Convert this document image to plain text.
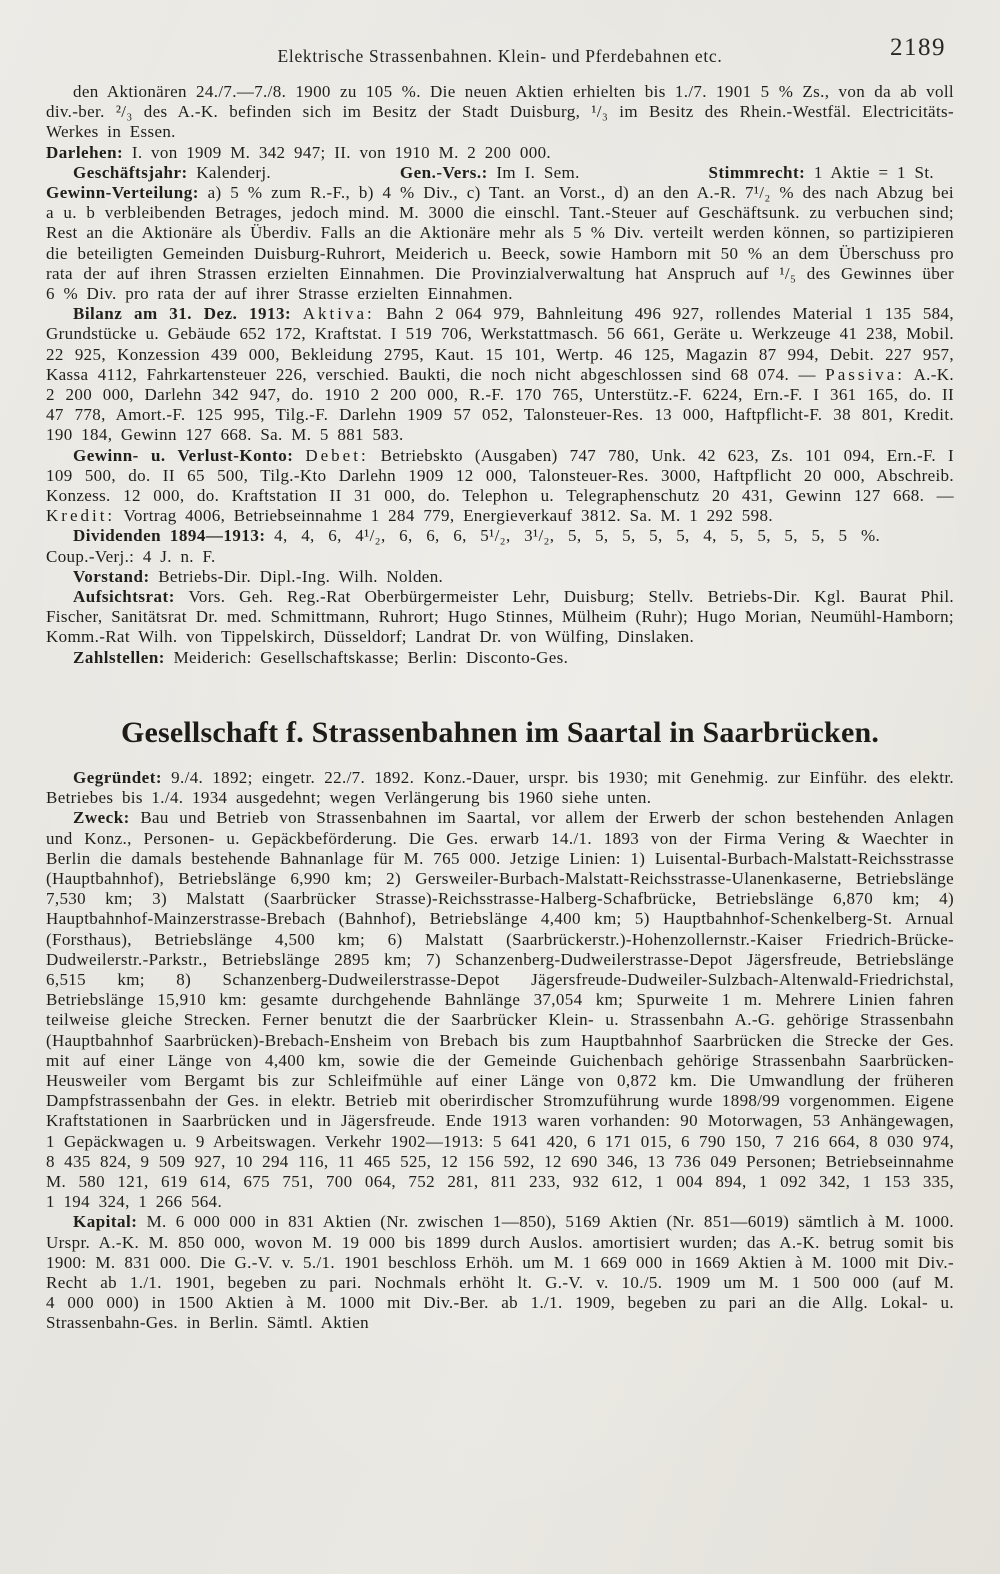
Elektrische Strassenbahnen. Klein- und Pferdebahnen etc.	2189

den Aktionären 24./7.—7./8. 1900 zu 105 %. Die neuen Aktien erhielten bis 1./7. 1901 5 % Zs., von da ab voll div.-ber. ²/₃ des A.-K. befinden sich im Besitz der Stadt Duisburg, ¹/₃ im Besitz des Rhein.-Westfäl. Electricitäts-Werkes in Essen.

Darlehen: I. von 1909 M. 342 947; II. von 1910 M. 2 200 000.

Geschäftsjahr: Kalenderj.	Gen.-Vers.: Im I. Sem.	Stimmrecht: 1 Aktie = 1 St.

Gewinn-Verteilung: a) 5 % zum R.-F., b) 4 % Div., c) Tant. an Vorst., d) an den A.-R. 7¹/₂ % des nach Abzug bei a u. b verbleibenden Betrages, jedoch mind. M. 3000 die einschl. Tant.-Steuer auf Geschäftsunk. zu verbuchen sind; Rest an die Aktionäre als Überdiv. Falls an die Aktionäre mehr als 5 % Div. verteilt werden können, so partizipieren die beteiligten Gemeinden Duisburg-Ruhrort, Meiderich u. Beeck, sowie Hamborn mit 50 % an dem Überschuss pro rata der auf ihren Strassen erzielten Einnahmen. Die Provinzialverwaltung hat Anspruch auf ¹/₅ des Gewinnes über 6 % Div. pro rata der auf ihrer Strasse erzielten Einnahmen.

Bilanz am 31. Dez. 1913: Aktiva: Bahn 2 064 979, Bahnleitung 496 927, rollendes Material 1 135 584, Grundstücke u. Gebäude 652 172, Kraftstat. I 519 706, Werkstattmasch. 56 661, Geräte u. Werkzeuge 41 238, Mobil. 22 925, Konzession 439 000, Bekleidung 2795, Kaut. 15 101, Wertp. 46 125, Magazin 87 994, Debit. 227 957, Kassa 4112, Fahrkartensteuer 226, verschied. Baukti, die noch nicht abgeschlossen sind 68 074. — Passiva: A.-K. 2 200 000, Darlehn 342 947, do. 1910 2 200 000, R.-F. 170 765, Unterstütz.-F. 6224, Ern.-F. I 361 165, do. II 47 778, Amort.-F. 125 995, Tilg.-F. Darlehn 1909 57 052, Talonsteuer-Res. 13 000, Haftpflicht-F. 38 801, Kredit. 190 184, Gewinn 127 668. Sa. M. 5 881 583.

Gewinn- u. Verlust-Konto: Debet: Betriebskto (Ausgaben) 747 780, Unk. 42 623, Zs. 101 094, Ern.-F. I 109 500, do. II 65 500, Tilg.-Kto Darlehn 1909 12 000, Talonsteuer-Res. 3000, Haftpflicht 20 000, Abschreib. Konzess. 12 000, do. Kraftstation II 31 000, do. Telephon u. Telegraphenschutz 20 431, Gewinn 127 668. — Kredit: Vortrag 4006, Betriebseinnahme 1 284 779, Energieverkauf 3812. Sa. M. 1 292 598.

Dividenden 1894—1913: 4, 4, 6, 4¹/₂, 6, 6, 6, 5¹/₂, 3¹/₂, 5, 5, 5, 5, 5, 4, 5, 5, 5, 5, 5 %.

Coup.-Verj.: 4 J. n. F.

Vorstand: Betriebs-Dir. Dipl.-Ing. Wilh. Nolden.

Aufsichtsrat: Vors. Geh. Reg.-Rat Oberbürgermeister Lehr, Duisburg; Stellv. Betriebs-Dir. Kgl. Baurat Phil. Fischer, Sanitätsrat Dr. med. Schmittmann, Ruhrort; Hugo Stinnes, Mülheim (Ruhr); Hugo Morian, Neumühl-Hamborn; Komm.-Rat Wilh. von Tippelskirch, Düsseldorf; Landrat Dr. von Wülfing, Dinslaken.

Zahlstellen: Meiderich: Gesellschaftskasse; Berlin: Disconto-Ges.

Gesellschaft f. Strassenbahnen im Saartal in Saarbrücken.

Gegründet: 9./4. 1892; eingetr. 22./7. 1892. Konz.-Dauer, urspr. bis 1930; mit Genehmig. zur Einführ. des elektr. Betriebes bis 1./4. 1934 ausgedehnt; wegen Verlängerung bis 1960 siehe unten.

Zweck: Bau und Betrieb von Strassenbahnen im Saartal, vor allem der Erwerb der schon bestehenden Anlagen und Konz., Personen- u. Gepäckbeförderung. Die Ges. erwarb 14./1. 1893 von der Firma Vering & Waechter in Berlin die damals bestehende Bahnanlage für M. 765 000. Jetzige Linien: 1) Luisental-Burbach-Malstatt-Reichsstrasse (Hauptbahnhof), Betriebslänge 6,990 km; 2) Gersweiler-Burbach-Malstatt-Reichsstrasse-Ulanenkaserne, Betriebslänge 7,530 km; 3) Malstatt (Saarbrücker Strasse)-Reichsstrasse-Halberg-Schafbrücke, Betriebslänge 6,870 km; 4) Hauptbahnhof-Mainzerstrasse-Brebach (Bahnhof), Betriebslänge 4,400 km; 5) Hauptbahnhof-Schenkelberg-St. Arnual (Forsthaus), Betriebslänge 4,500 km; 6) Malstatt (Saarbrückerstr.)-Hohenzollernstr.-Kaiser Friedrich-Brücke-Dudweilerstr.-Parkstr., Betriebslänge 2895 km; 7) Schanzenberg-Dudweilerstrasse-Depot Jägersfreude, Betriebslänge 6,515 km; 8) Schanzenberg-Dudweilerstrasse-Depot Jägersfreude-Dudweiler-Sulzbach-Altenwald-Friedrichstal, Betriebslänge 15,910 km: gesamte durchgehende Bahnlänge 37,054 km; Spurweite 1 m. Mehrere Linien fahren teilweise gleiche Strecken. Ferner benutzt die der Saarbrücker Klein- u. Strassenbahn A.-G. gehörige Strassenbahn (Hauptbahnhof Saarbrücken)-Brebach-Ensheim von Brebach bis zum Hauptbahnhof Saarbrücken die Strecke der Ges. mit auf einer Länge von 4,400 km, sowie die der Gemeinde Guichenbach gehörige Strassenbahn Saarbrücken-Heusweiler vom Bergamt bis zur Schleifmühle auf einer Länge von 0,872 km. Die Umwandlung der früheren Dampfstrassenbahn der Ges. in elektr. Betrieb mit oberirdischer Stromzuführung wurde 1898/99 vorgenommen. Eigene Kraftstationen in Saarbrücken und in Jägersfreude. Ende 1913 waren vorhanden: 90 Motorwagen, 53 Anhängewagen, 1 Gepäckwagen u. 9 Arbeitswagen. Verkehr 1902—1913: 5 641 420, 6 171 015, 6 790 150, 7 216 664, 8 030 974, 8 435 824, 9 509 927, 10 294 116, 11 465 525, 12 156 592, 12 690 346, 13 736 049 Personen; Betriebseinnahme M. 580 121, 619 614, 675 751, 700 064, 752 281, 811 233, 932 612, 1 004 894, 1 092 342, 1 153 335, 1 194 324, 1 266 564.

Kapital: M. 6 000 000 in 831 Aktien (Nr. zwischen 1—850), 5169 Aktien (Nr. 851—6019) sämtlich à M. 1000. Urspr. A.-K. M. 850 000, wovon M. 19 000 bis 1899 durch Auslos. amortisiert wurden; das A.-K. betrug somit bis 1900: M. 831 000. Die G.-V. v. 5./1. 1901 beschloss Erhöh. um M. 1 669 000 in 1669 Aktien à M. 1000 mit Div.-Recht ab 1./1. 1901, begeben zu pari. Nochmals erhöht lt. G.-V. v. 10./5. 1909 um M. 1 500 000 (auf M. 4 000 000) in 1500 Aktien à M. 1000 mit Div.-Ber. ab 1./1. 1909, begeben zu pari an die Allg. Lokal- u. Strassenbahn-Ges. in Berlin. Sämtl. Aktien
